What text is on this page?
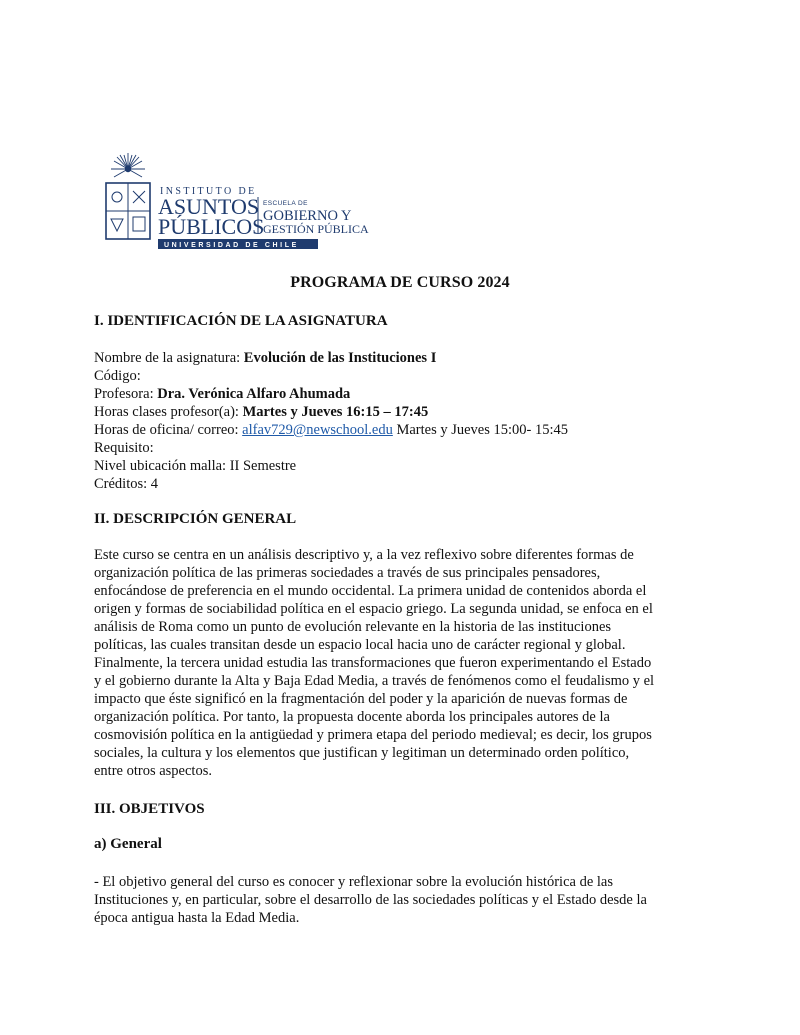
INSTITUTO DE
ASUNTOS
PÚBLICOS
ESCUELA DE
GOBIERNO Y
GESTIÓN PÚBLICA
UNIVERSIDAD DE CHILE
PROGRAMA DE CURSO 2024
I. IDENTIFICACIÓN DE LA ASIGNATURA

Nombre de la asignatura: Evolución de las Instituciones I

Código:

Profesora: Dra. Verónica Alfaro Ahumada

Horas clases profesor(a): Martes y Jueves 16:15 – 17:45

Horas de oficina/ correo: alfav729@newschool.edu Martes y Jueves 15:00- 15:45

Requisito:

Nivel ubicación malla: II Semestre

Créditos: 4

II. DESCRIPCIÓN GENERAL
Este curso se centra en un análisis descriptivo y, a la vez reflexivo sobre diferentes formas de
organización política de las primeras sociedades a través de sus principales pensadores,
enfocándose de preferencia en el mundo occidental. La primera unidad de contenidos aborda el
origen y formas de sociabilidad política en el espacio griego. La segunda unidad, se enfoca en el
análisis de Roma como un punto de evolución relevante en la historia de las instituciones
políticas, las cuales transitan desde un espacio local hacia uno de carácter regional y global.
Finalmente, la tercera unidad estudia las transformaciones que fueron experimentando el Estado
y el gobierno durante la Alta y Baja Edad Media, a través de fenómenos como el feudalismo y el
impacto que éste significó en la fragmentación del poder y la aparición de nuevas formas de
organización política. Por tanto, la propuesta docente aborda los principales autores de la
cosmovisión política en la antigüedad y primera etapa del periodo medieval; es decir, los grupos
sociales, la cultura y los elementos que justifican y legitiman un determinado orden político,
entre otros aspectos.
III. OBJETIVOS
a) General
- El objetivo general del curso es conocer y reflexionar sobre la evolución histórica de las
Instituciones y, en particular, sobre el desarrollo de las sociedades políticas y el Estado desde la
época antigua hasta la Edad Media.
